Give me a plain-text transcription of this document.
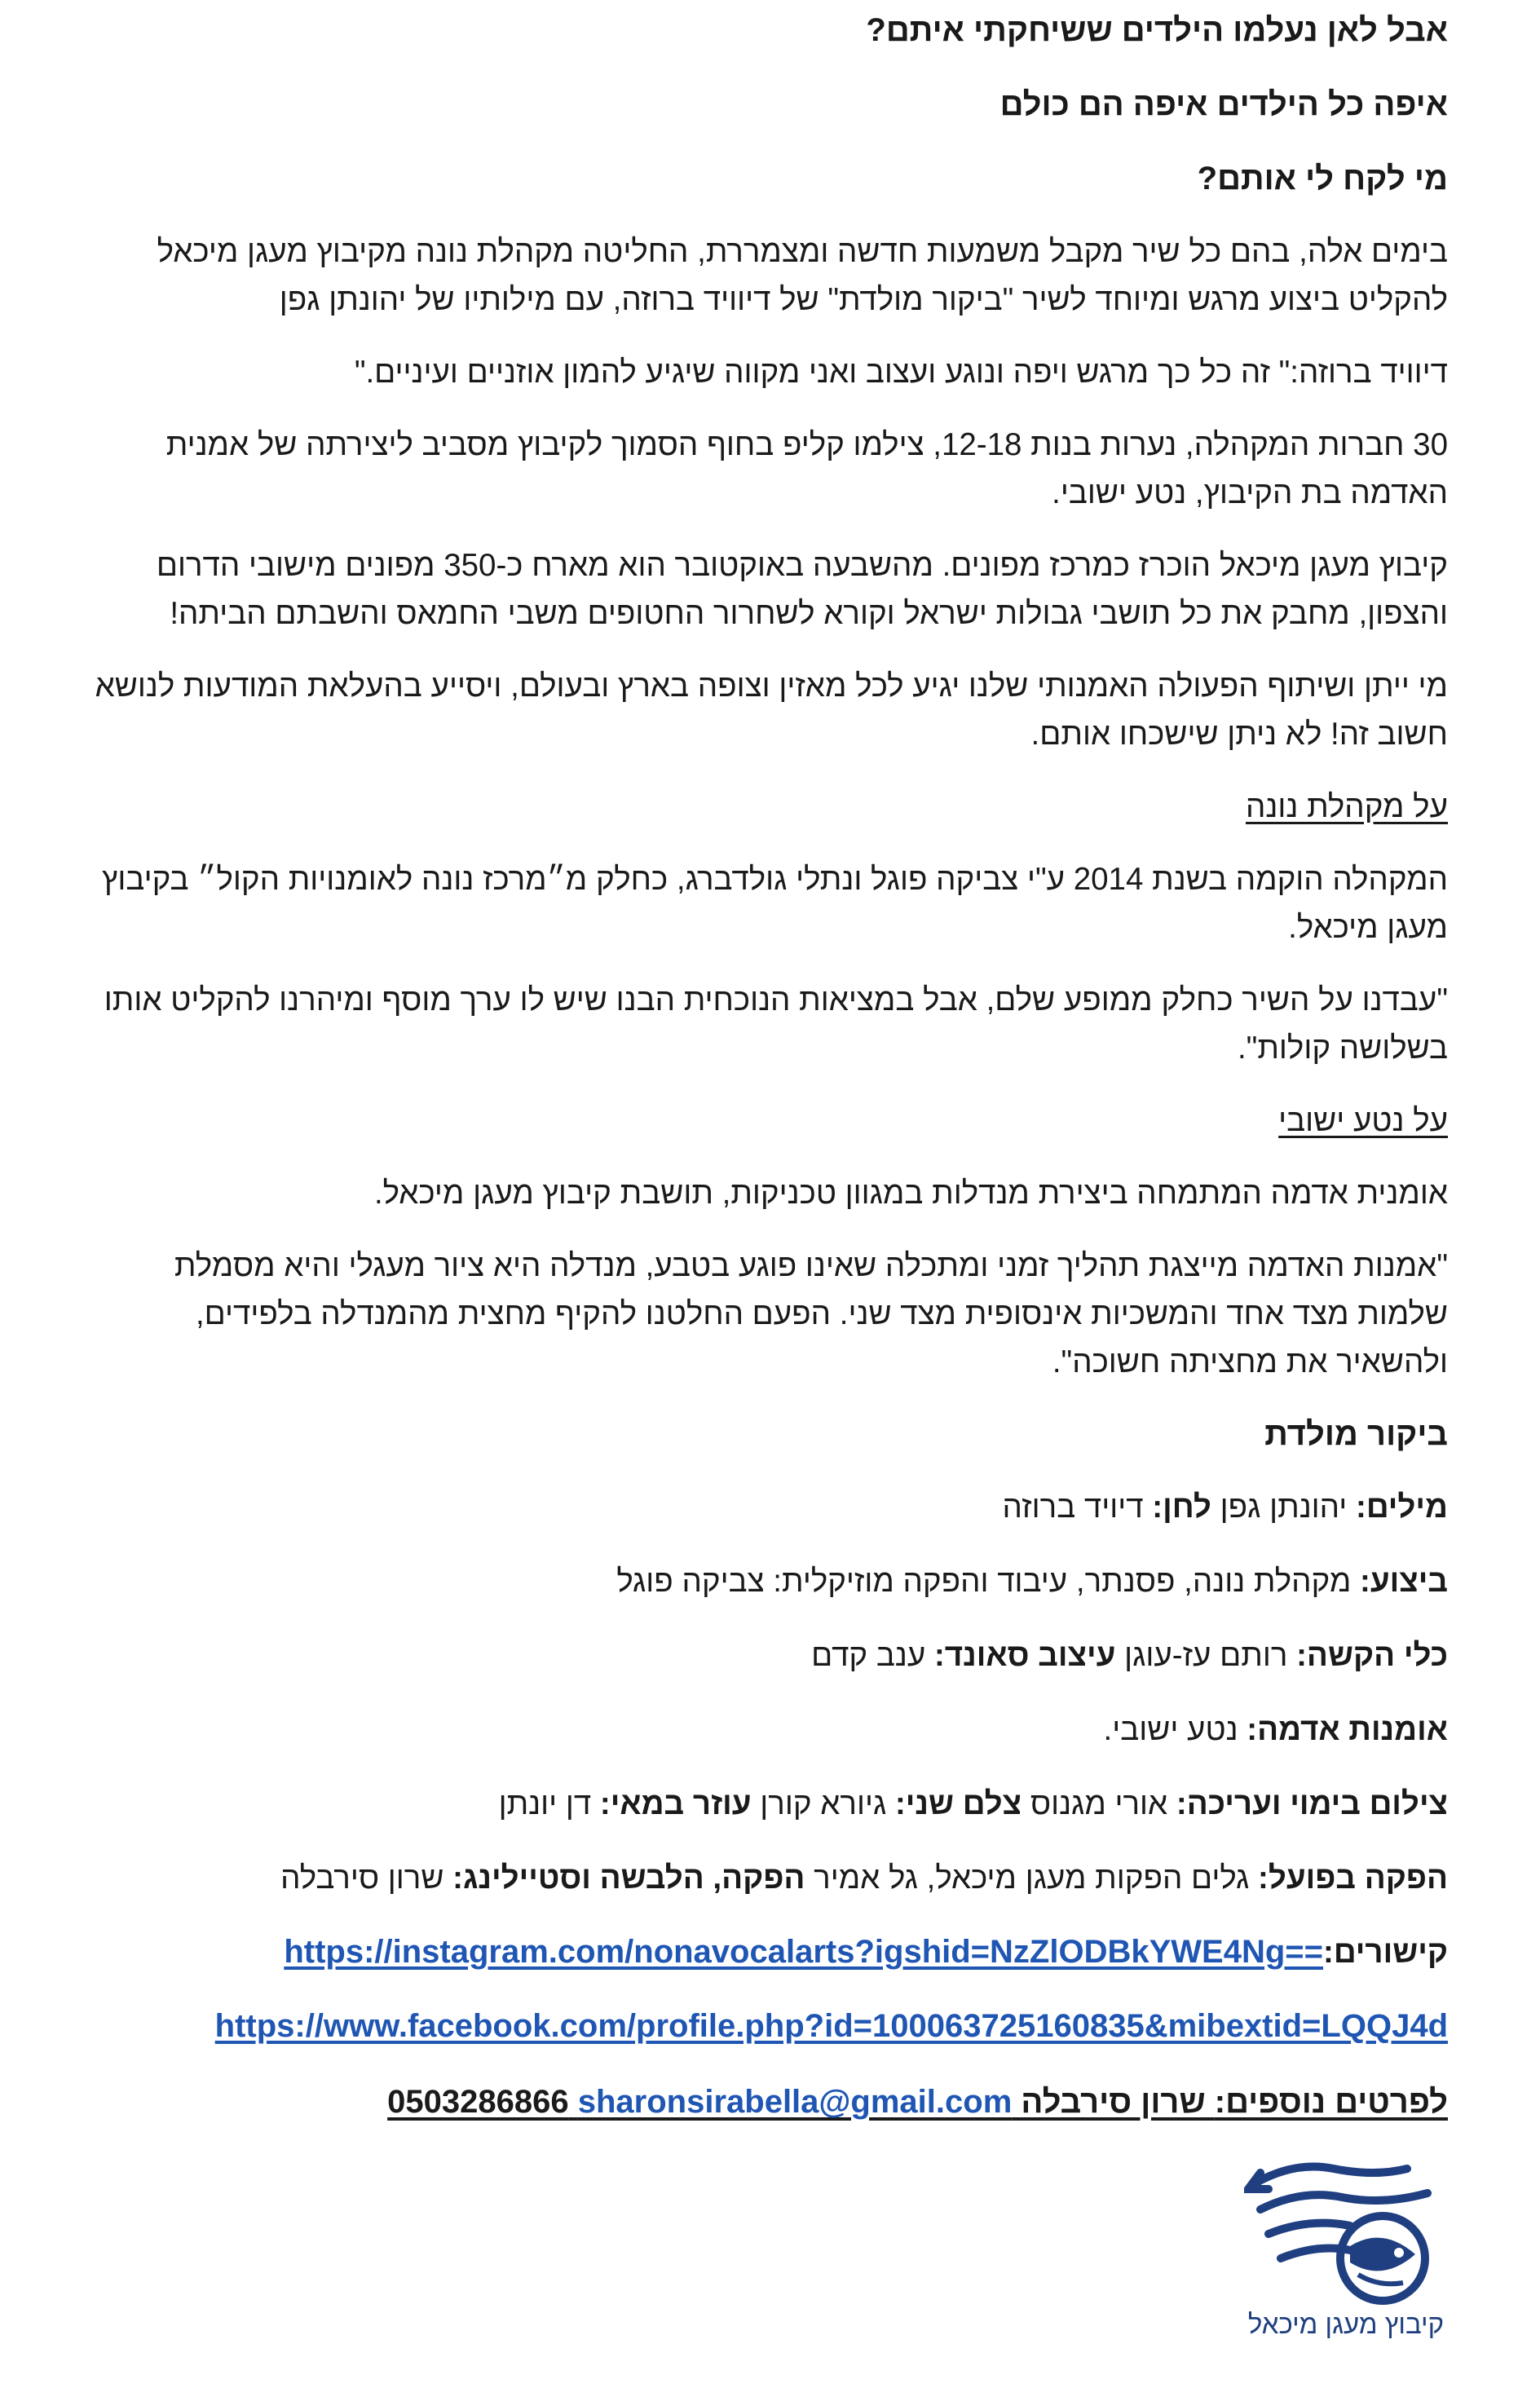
אבל לאן נעלמו הילדים ששיחקתי איתם?

איפה כל הילדים איפה הם כולם

מי לקח לי אותם?

בימים אלה, בהם כל שיר מקבל משמעות חדשה ומצמררת, החליטה מקהלת נונה מקיבוץ מעגן מיכאל להקליט ביצוע מרגש ומיוחד לשיר "ביקור מולדת" של דיוויד ברוזה, עם מילותיו של יהונתן גפן

דיוויד ברוזה:" זה כל כך מרגש ויפה ונוגע ועצוב ואני מקווה שיגיע להמון אוזניים ועיניים."

30 חברות המקהלה, נערות בנות 12-18, צילמו קליפ בחוף הסמוך לקיבוץ מסביב ליצירתה של אמנית האדמה בת הקיבוץ, נטע ישובי.

קיבוץ מעגן מיכאל הוכרז כמרכז מפונים. מהשבעה באוקטובר הוא מארח כ-350 מפונים מישובי הדרום והצפון, מחבק את כל תושבי גבולות ישראל וקורא לשחרור החטופים משבי החמאס והשבתם הביתה!

מי ייתן ושיתוף הפעולה האמנותי שלנו יגיע לכל מאזין וצופה בארץ ובעולם, ויסייע בהעלאת המודעות לנושא חשוב זה! לא ניתן שישכחו אותם.

על מקהלת נונה

המקהלה הוקמה בשנת 2014 ע"י צביקה פוגל ונתלי גולדברג, כחלק מ״מרכז נונה לאומנויות הקול״ בקיבוץ מעגן מיכאל.

"עבדנו על השיר כחלק ממופע שלם, אבל במציאות הנוכחית הבנו שיש לו ערך מוסף ומיהרנו להקליט אותו בשלושה קולות".

על נטע ישובי

אומנית אדמה המתמחה ביצירת מנדלות במגוון טכניקות, תושבת קיבוץ מעגן מיכאל.

"אמנות האדמה מייצגת תהליך זמני ומתכלה שאינו פוגע בטבע, מנדלה היא ציור מעגלי והיא מסמלת שלמות מצד אחד והמשכיות אינסופית מצד שני. הפעם החלטנו להקיף מחצית מהמנדלה בלפידים, ולהשאיר את מחציתה חשוכה".

ביקור מולדת

מילים: יהונתן גפן לחן: דיויד ברוזה

ביצוע: מקהלת נונה, פסנתר, עיבוד והפקה מוזיקלית: צביקה פוגל

כלי הקשה: רותם עז-עוגן עיצוב סאונד: ענב קדם

אומנות אדמה: נטע ישובי.

צילום בימוי ועריכה: אורי מגנוס צלם שני: גיורא קורן עוזר במאי: דן יונתן

הפקה בפועל: גלים הפקות מעגן מיכאל, גל אמיר הפקה, הלבשה וסטיילינג: שרון סירבלה

קישורים:https://instagram.com/nonavocalarts?igshid=NzZlODBkYWE4Ng==

https://www.facebook.com/profile.php?id=100063725160835&mibextid=LQQJ4d

לפרטים נוספים: שרון סירבלה 0503286866 sharonsirabella@gmail.com

קיבוץ מעגן מיכאל
